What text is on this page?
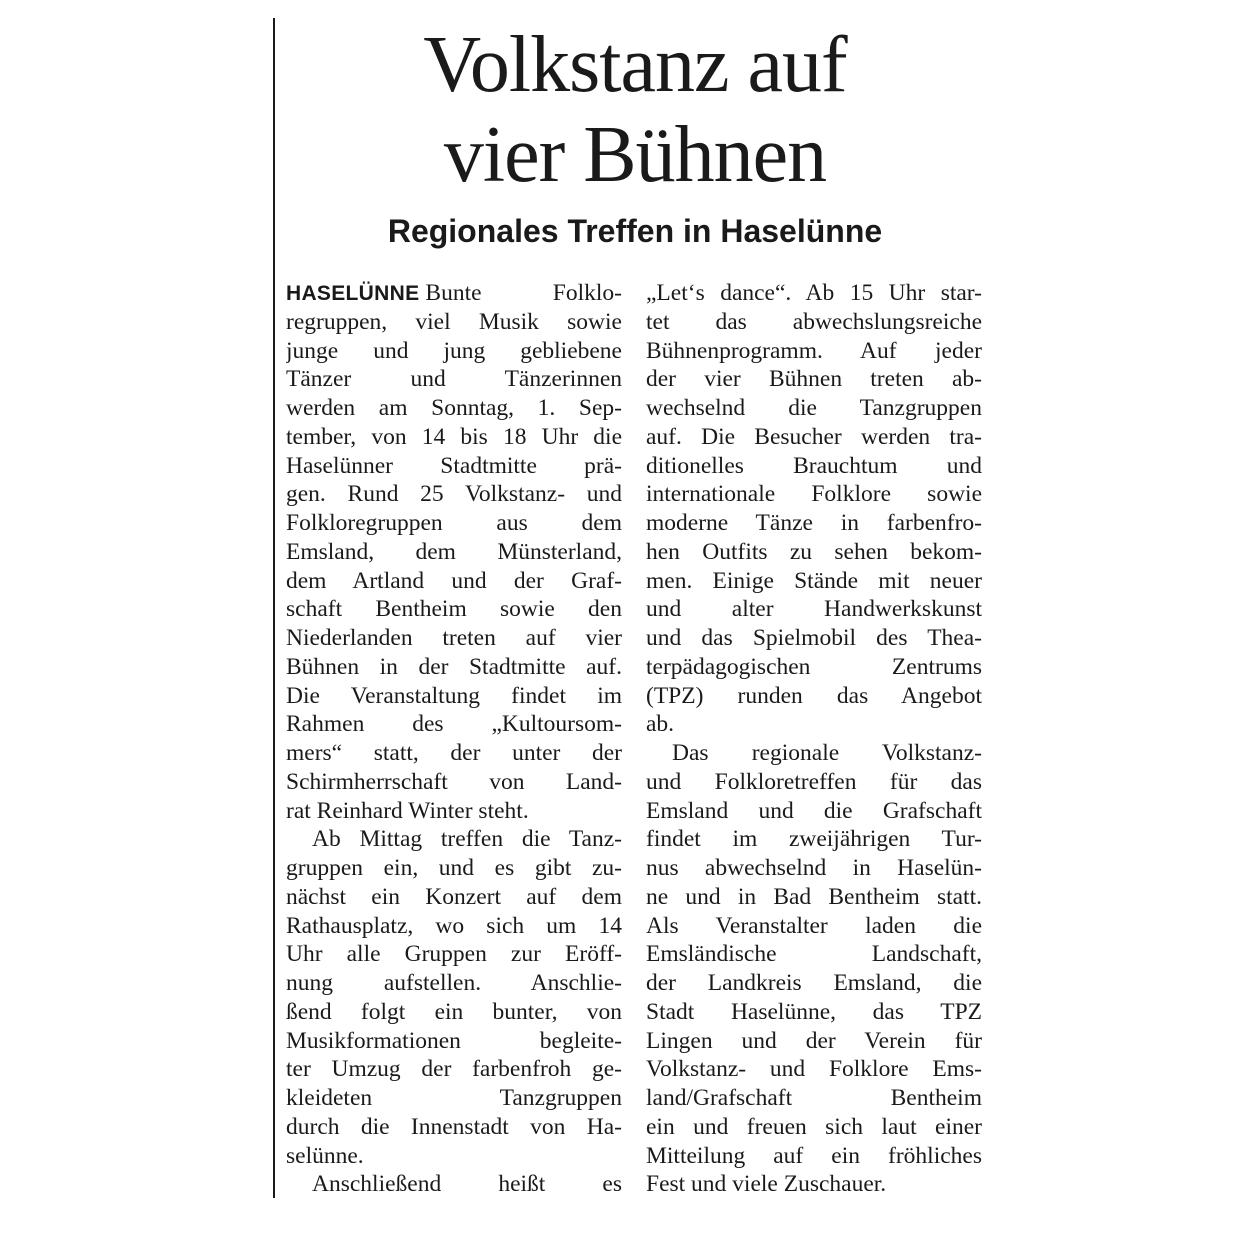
Volkstanz auf
vier Bühnen
Regionales Treffen in Haselünne
HASELÜNNE Bunte Folklo-
regruppen, viel Musik sowie
junge und jung gebliebene
Tänzer und Tänzerinnen
werden am Sonntag, 1. Sep-
tember, von 14 bis 18 Uhr die
Haselünner Stadtmitte prä-
gen. Rund 25 Volkstanz- und
Folkloregruppen aus dem
Emsland, dem Münsterland,
dem Artland und der Graf-
schaft Bentheim sowie den
Niederlanden treten auf vier
Bühnen in der Stadtmitte auf.
Die Veranstaltung findet im
Rahmen des „Kultoursom-
mers“ statt, der unter der
Schirmherrschaft von Land-
rat Reinhard Winter steht.
Ab Mittag treffen die Tanz-
gruppen ein, und es gibt zu-
nächst ein Konzert auf dem
Rathausplatz, wo sich um 14
Uhr alle Gruppen zur Eröff-
nung aufstellen. Anschlie-
ßend folgt ein bunter, von
Musikformationen begleite-
ter Umzug der farbenfroh ge-
kleideten Tanzgruppen
durch die Innenstadt von Ha-
selünne.
Anschließend heißt es
„Let‘s dance“. Ab 15 Uhr star-
tet das abwechslungsreiche
Bühnenprogramm. Auf jeder
der vier Bühnen treten ab-
wechselnd die Tanzgruppen
auf. Die Besucher werden tra-
ditionelles Brauchtum und
internationale Folklore sowie
moderne Tänze in farbenfro-
hen Outfits zu sehen bekom-
men. Einige Stände mit neuer
und alter Handwerkskunst
und das Spielmobil des Thea-
terpädagogischen Zentrums
(TPZ) runden das Angebot
ab.
Das regionale Volkstanz-
und Folkloretreffen für das
Emsland und die Grafschaft
findet im zweijährigen Tur-
nus abwechselnd in Haselün-
ne und in Bad Bentheim statt.
Als Veranstalter laden die
Emsländische Landschaft,
der Landkreis Emsland, die
Stadt Haselünne, das TPZ
Lingen und der Verein für
Volkstanz- und Folklore Ems-
land/Grafschaft Bentheim
ein und freuen sich laut einer
Mitteilung auf ein fröhliches
Fest und viele Zuschauer.
